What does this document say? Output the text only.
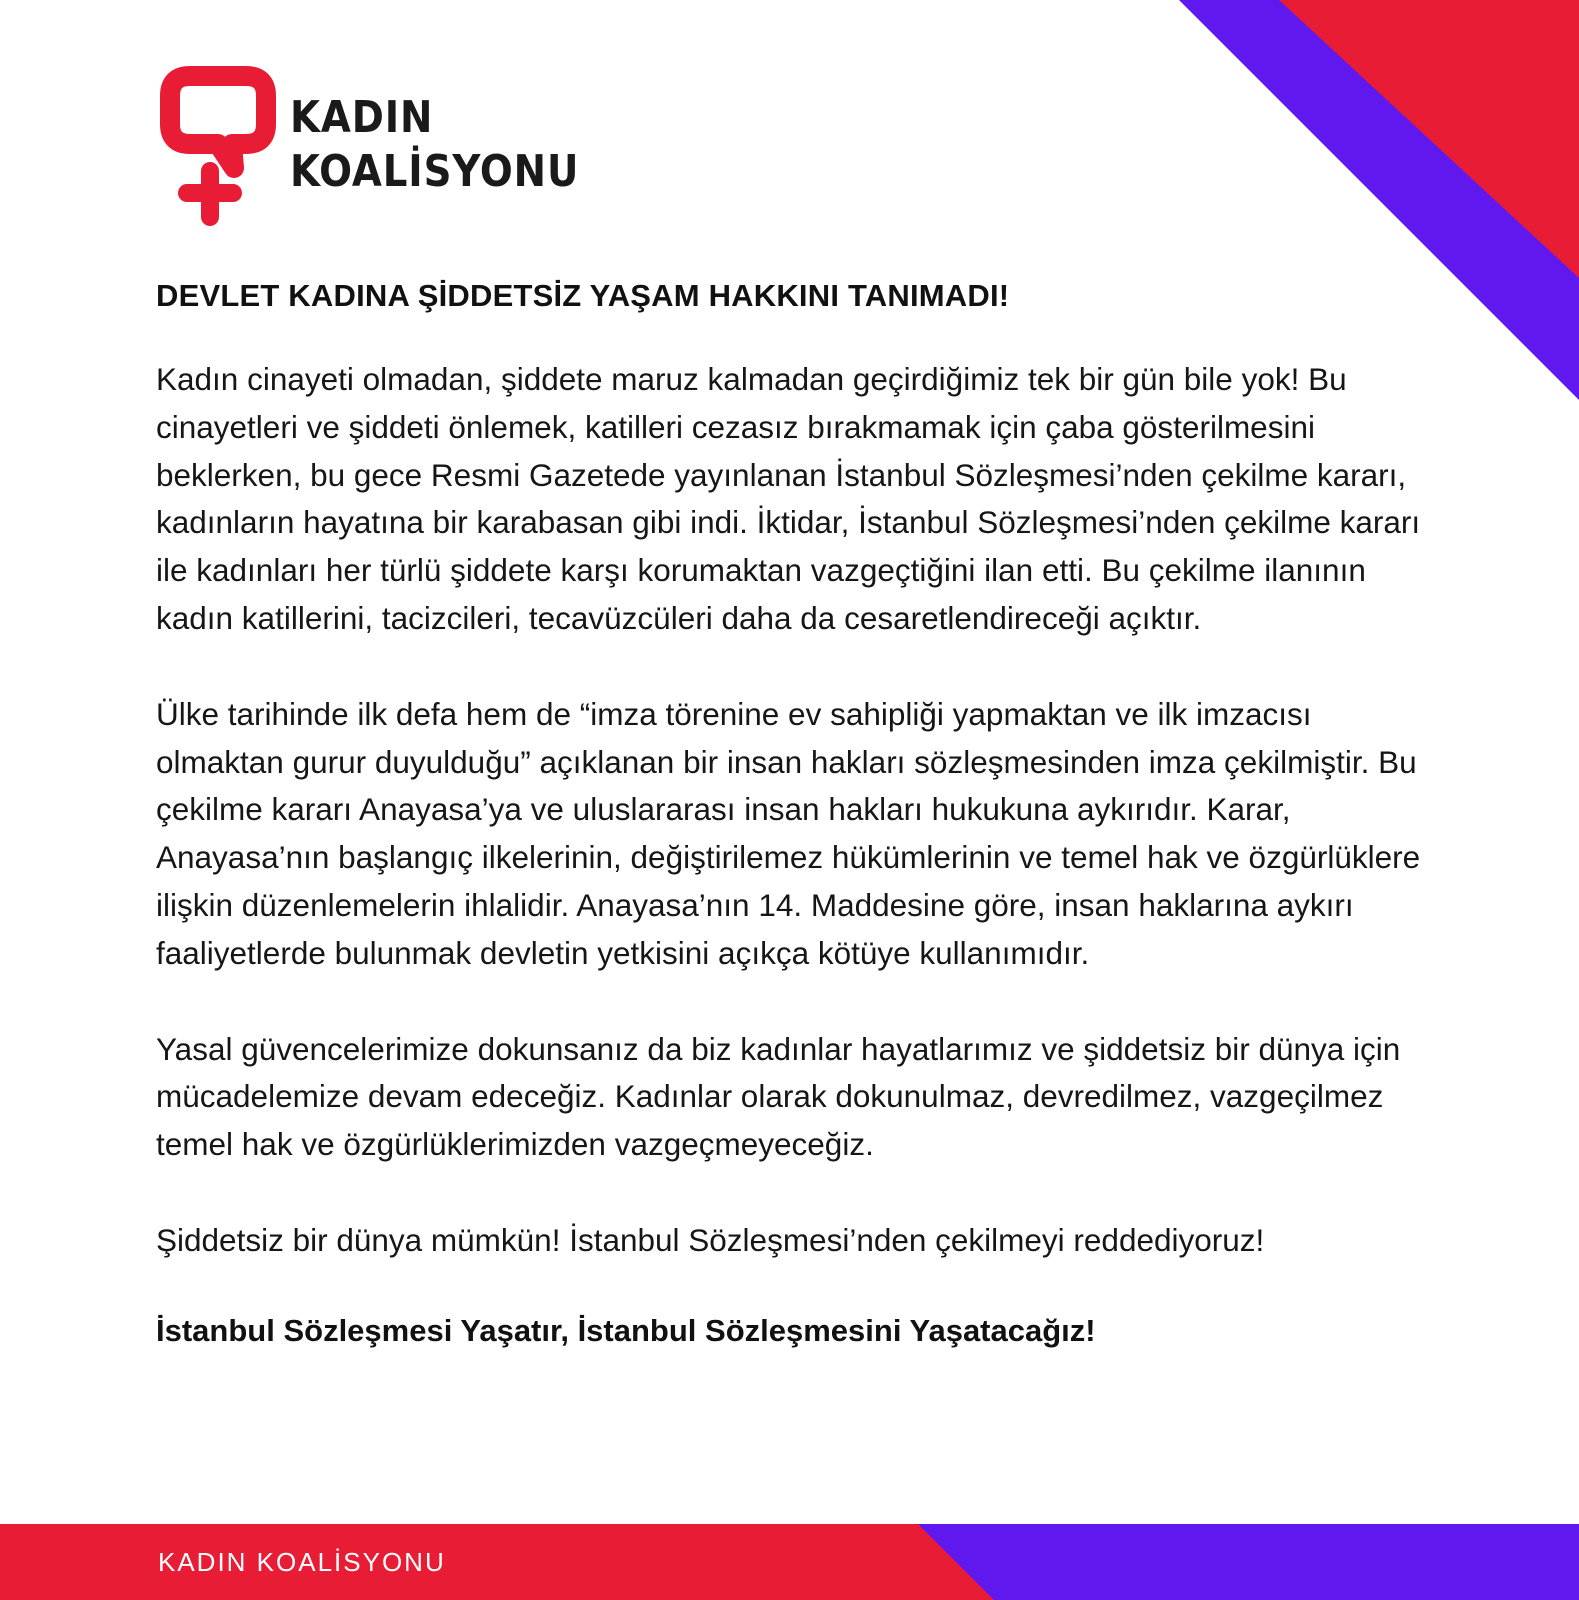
KADIN
KOALİSYONU
DEVLET KADINA ŞİDDETSİZ YAŞAM HAKKINI TANIMADI!

Kadın cinayeti olmadan, şiddete maruz kalmadan geçirdiğimiz tek bir gün bile yok! Bu cinayetleri ve şiddeti önlemek, katilleri cezasız bırakmamak için çaba gösterilmesini beklerken, bu gece Resmi Gazetede yayınlanan İstanbul Sözleşmesi’nden çekilme kararı, kadınların hayatına bir karabasan gibi indi. İktidar, İstanbul Sözleşmesi’nden çekilme kararı ile kadınları her türlü şiddete karşı korumaktan vazgeçtiğini ilan etti. Bu çekilme ilanının kadın katillerini, tacizcileri, tecavüzcüleri daha da cesaretlendireceği açıktır.

Ülke tarihinde ilk defa hem de “imza törenine ev sahipliği yapmaktan ve ilk imzacısı olmaktan gurur duyulduğu” açıklanan bir insan hakları sözleşmesinden imza çekilmiştir. Bu çekilme kararı Anayasa’ya ve uluslararası insan hakları hukukuna aykırıdır. Karar, Anayasa’nın başlangıç ilkelerinin, değiştirilemez hükümlerinin ve temel hak ve özgürlüklere ilişkin düzenlemelerin ihlalidir. Anayasa’nın 14. Maddesine göre, insan haklarına aykırı faaliyetlerde bulunmak devletin yetkisini açıkça kötüye kullanımıdır.

Yasal güvencelerimize dokunsanız da biz kadınlar hayatlarımız ve şiddetsiz bir dünya için mücadelemize devam edeceğiz. Kadınlar olarak dokunulmaz, devredilmez, vazgeçilmez temel hak ve özgürlüklerimizden vazgeçmeyeceğiz.

Şiddetsiz bir dünya mümkün! İstanbul Sözleşmesi’nden çekilmeyi reddediyoruz!

İstanbul Sözleşmesi Yaşatır, İstanbul Sözleşmesini Yaşatacağız!

KADIN KOALİSYONU
